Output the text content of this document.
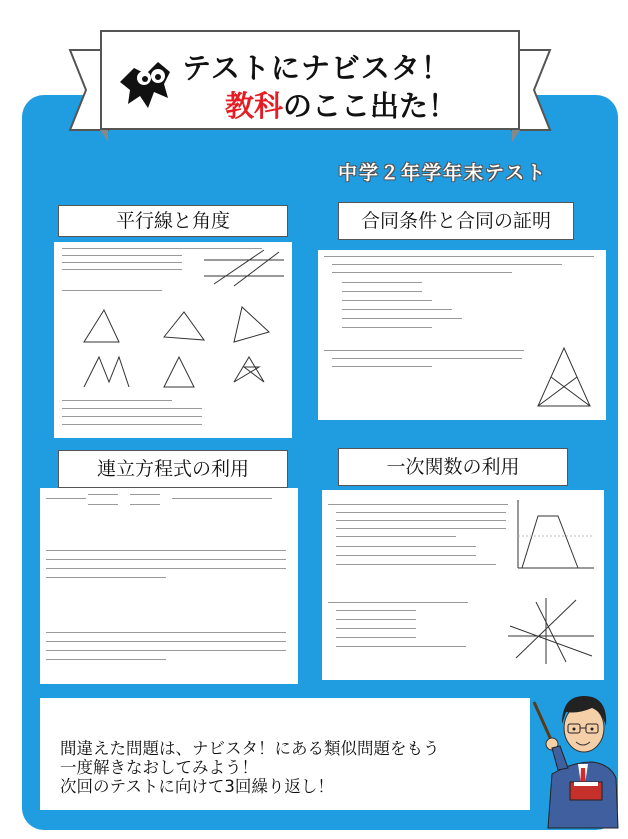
テストにナビスタ！
教科のここ出た！
中学２年学年末テスト
平行線と角度	合同条件と合同の証明
連立方程式の利用	一次関数の利用
間違えた問題は、ナビスタ！にある類似問題をもう
一度解きなおしてみよう！
次回のテストに向けて3回繰り返し！
